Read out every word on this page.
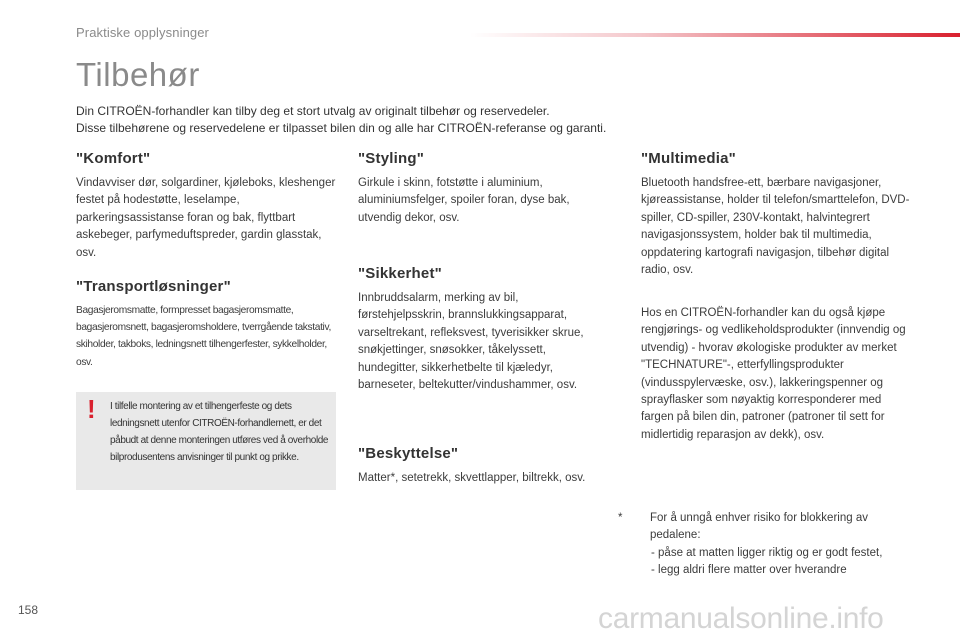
Praktiske opplysninger
Tilbehør
Din CITROËN-forhandler kan tilby deg et stort utvalg av originalt tilbehør og reservedeler.
Disse tilbehørene og reservedelene er tilpasset bilen din og alle har CITROËN-referanse og garanti.
"Komfort"

Vindavviser dør, solgardiner, kjøleboks, kleshenger festet på hodestøtte, leselampe, parkeringsassistanse foran og bak, flyttbart askebeger, parfymeduftspreder, gardin glasstak, osv.

"Transportløsninger"

Bagasjeromsmatte, formpresset bagasjeromsmatte, bagasjeromsnett, bagasjeromsholdere, tverrgående takstativ, skiholder, takboks, ledningsnett tilhengerfester, sykkelholder, osv.

! I tilfelle montering av et tilhengerfeste og dets ledningsnett utenfor CITROËN-forhandlernett, er det påbudt at denne monteringen utføres ved å overholde bilprodusentens anvisninger til punkt og prikke.
"Styling"

Girkule i skinn, fotstøtte i aluminium, aluminiumsfelger, spoiler foran, dyse bak, utvendig dekor, osv.

"Sikkerhet"

Innbruddsalarm, merking av bil, førstehjelpsskrin, brannslukkingsapparat, varseltrekant, refleksvest, tyverisikker skrue, snøkjettinger, snøsokker, tåkelyssett, hundegitter, sikkerhetbelte til kjæledyr, barneseter, beltekutter/vindushammer, osv.

"Beskyttelse"

Matter*, setetrekk, skvettlapper, biltrekk, osv.

"Multimedia"

Bluetooth handsfree-ett, bærbare navigasjoner, kjøreassistanse, holder til telefon/smarttelefon, DVD-spiller, CD-spiller, 230V-kontakt, halvintegrert navigasjonssystem, holder bak til multimedia, oppdatering kartografi navigasjon, tilbehør digital radio, osv.

Hos en CITROËN-forhandler kan du også kjøpe rengjørings- og vedlikeholdsprodukter (innvendig og utvendig) - hvorav økologiske produkter av merket "TECHNATURE"-, etterfyllingsprodukter (vindusspylervæske, osv.), lakkeringspenner og sprayflasker som nøyaktig korresponderer med fargen på bilen din, patroner (patroner til sett for midlertidig reparasjon av dekk), osv.

* For å unngå enhver risiko for blokkering av pedalene:
- påse at matten ligger riktig og er godt festet,
- legg aldri flere matter over hverandre
158	carmanualsonline.info
